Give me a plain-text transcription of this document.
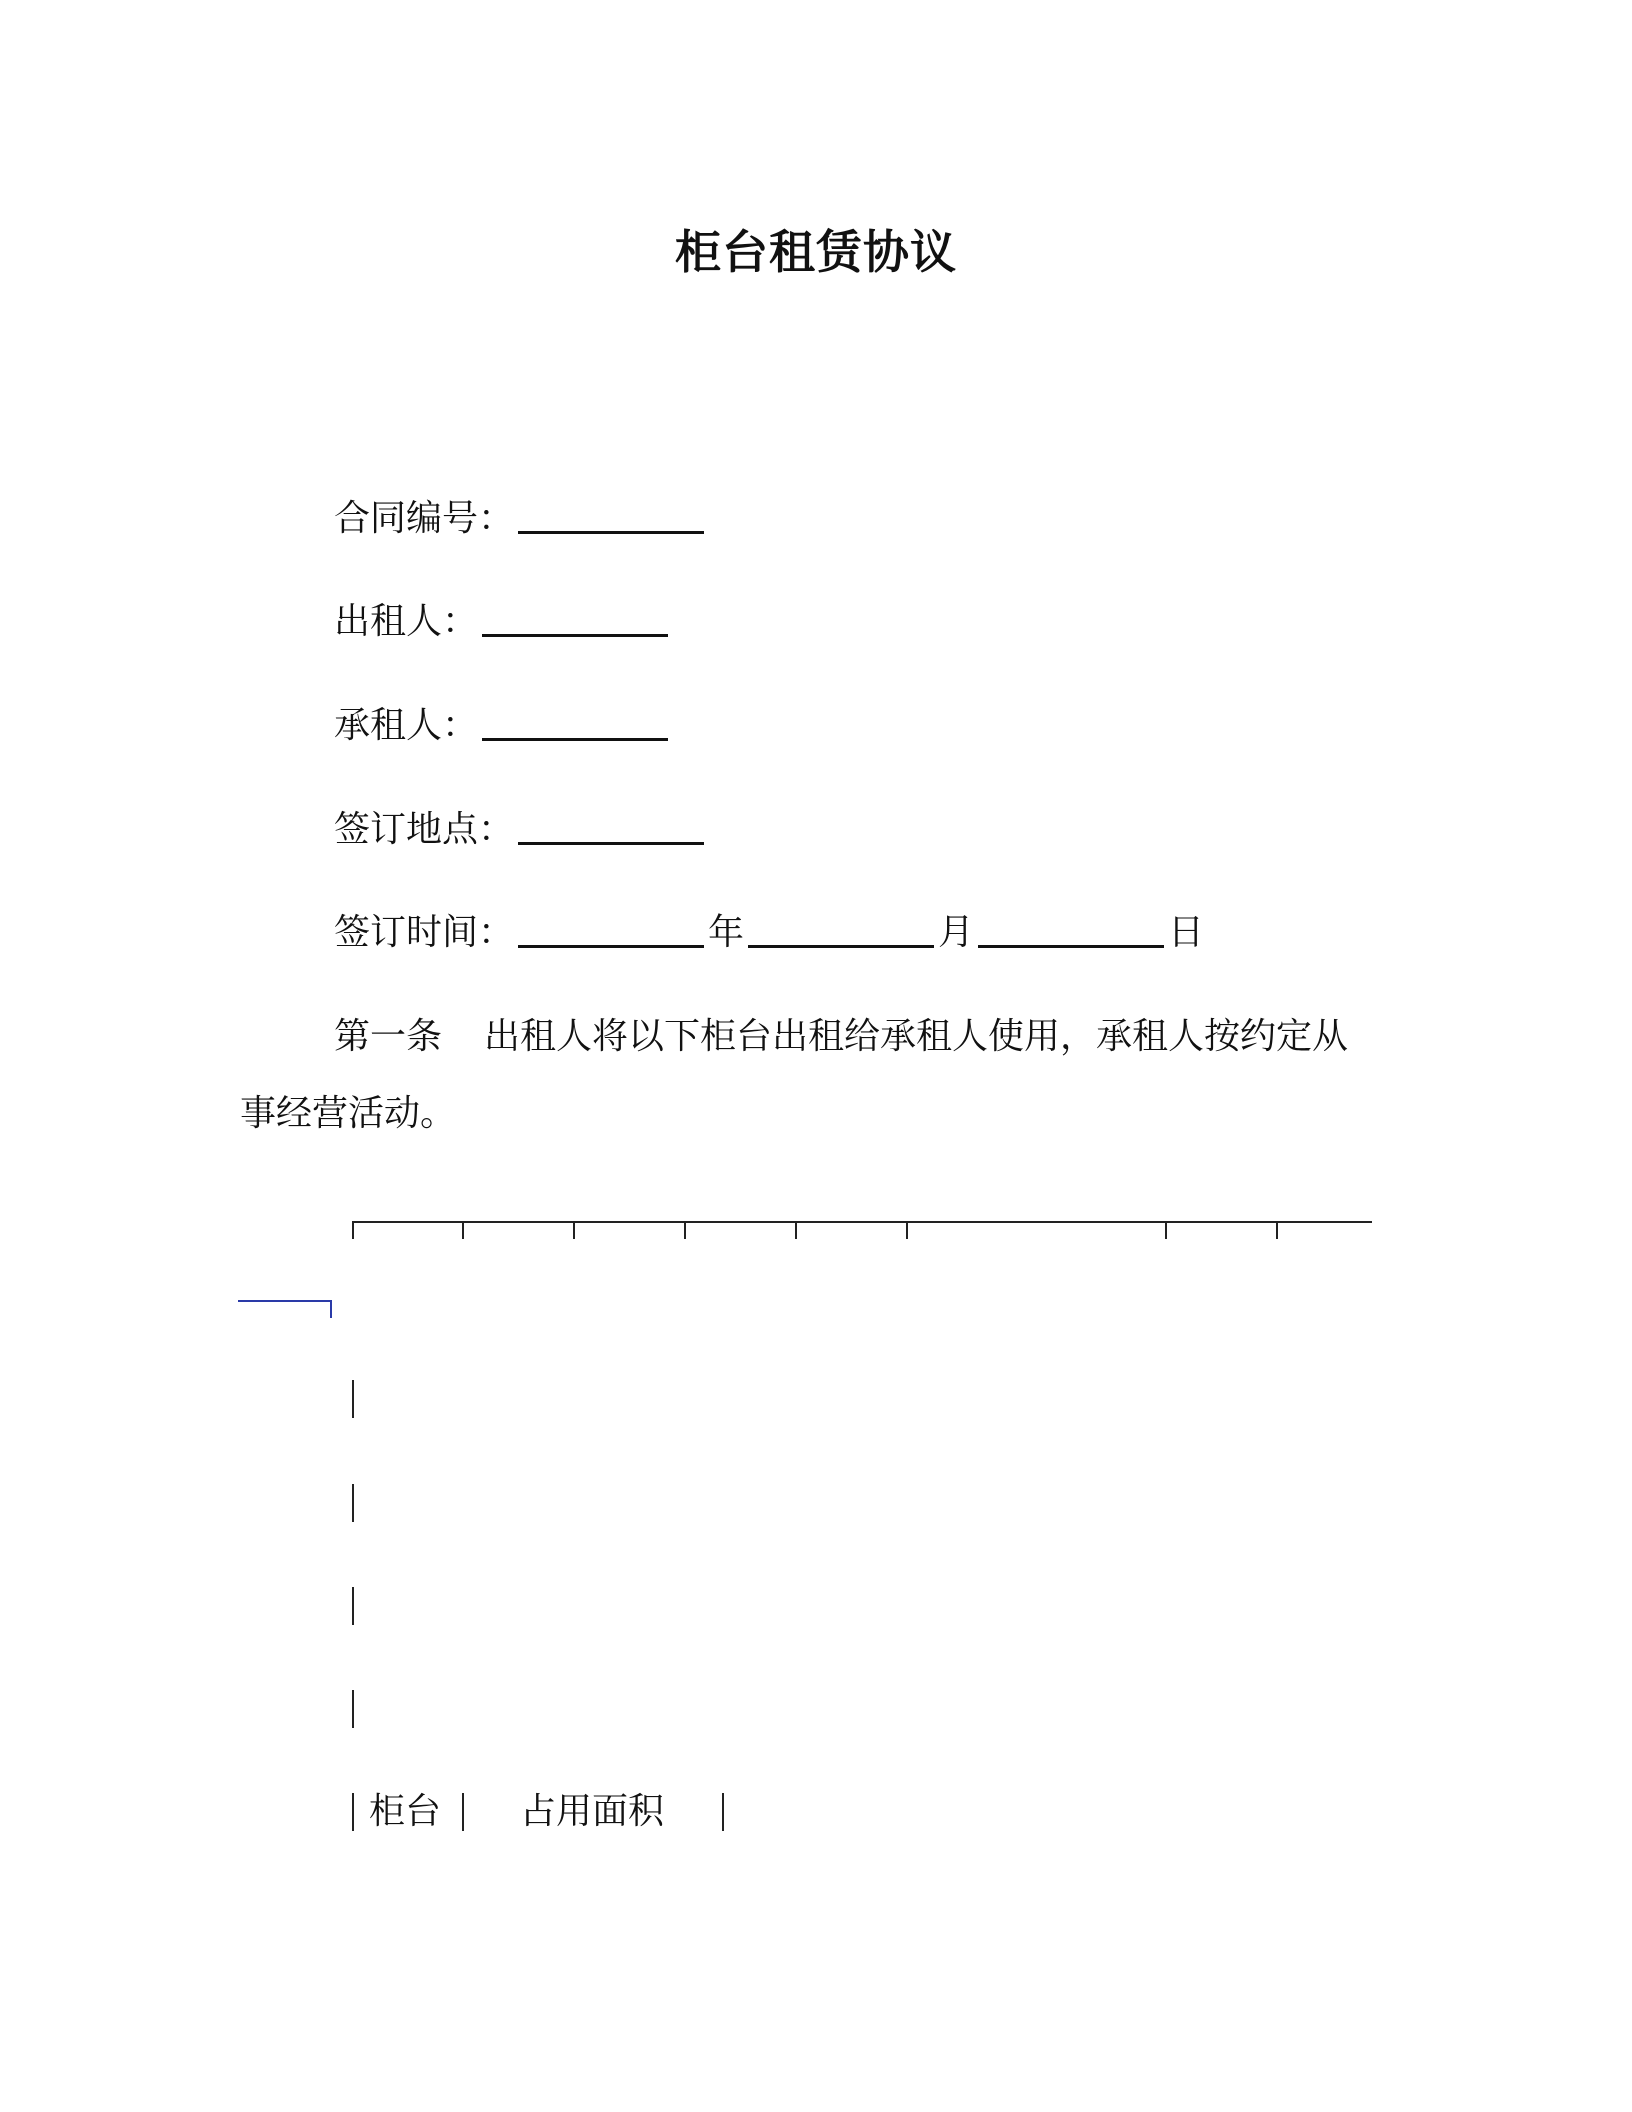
柜台租赁协议
合同编号：
出租人：
承租人：
签订地点：
签订时间：	年	月	日
第一条 出租人将以下柜台出租给承租人使用，承租人按约定从
事经营活动。
柜台 占用面积
